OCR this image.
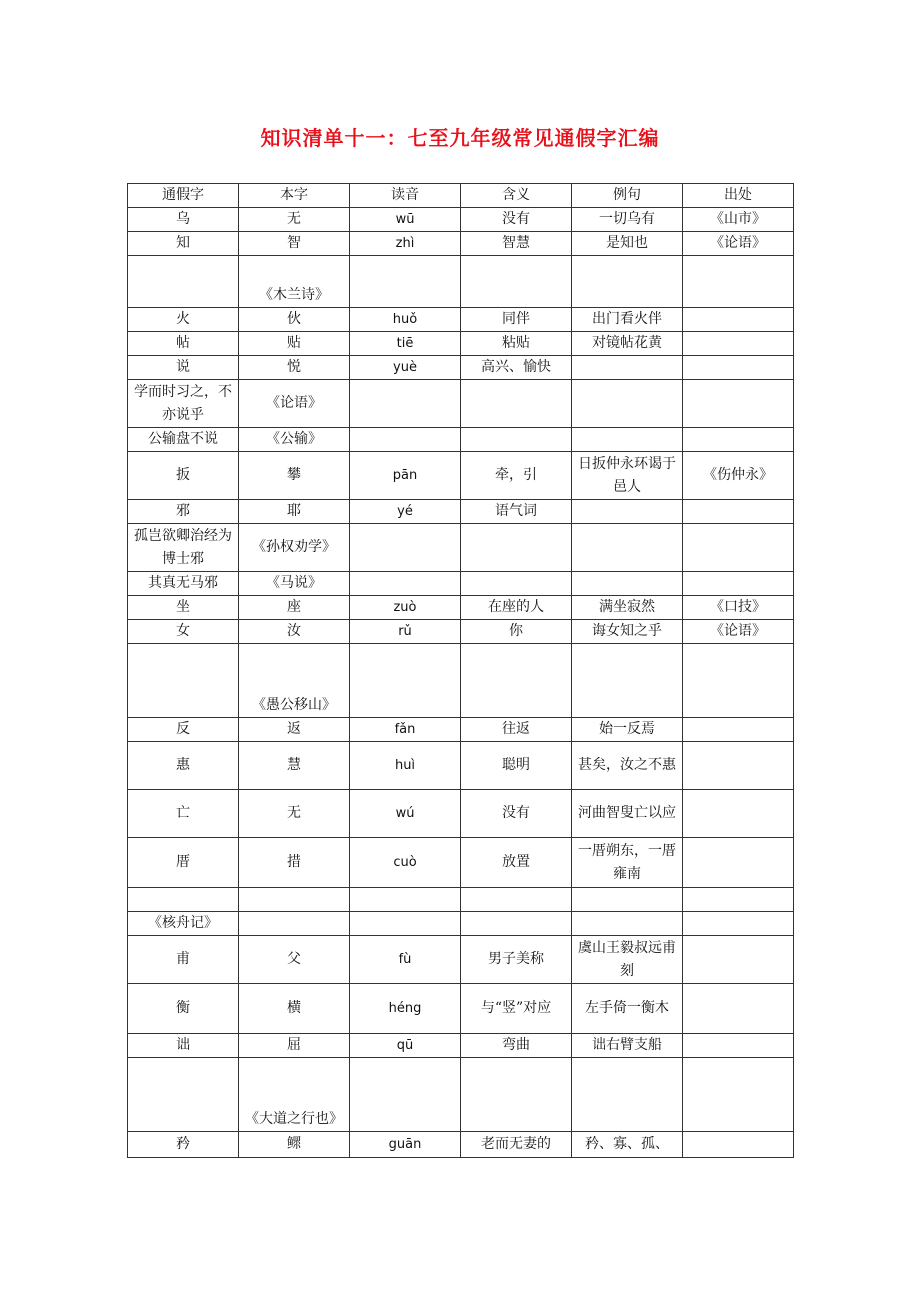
知识清单十一：七至九年级常见通假字汇编
通假字	本字	读音	含义	例句	出处
乌	无	wū	没有	一切乌有	《山市》
知	智	zhì	智慧	是知也	《论语》
	《木兰诗》				
火	伙	huǒ	同伴	出门看火伴	
帖	贴	tiē	粘贴	对镜帖花黄	
说	悦	yuè	高兴、愉快		
学而时习之，不亦说乎	《论语》				
公输盘不说	《公输》				
扳	攀	pān	牵，引	日扳仲永环谒于邑人	《伤仲永》
邪	耶	yé	语气词		
孤岂欲卿治经为博士邪	《孙权劝学》				
其真无马邪	《马说》				
坐	座	zuò	在座的人	满坐寂然	《口技》
女	汝	rǔ	你	诲女知之乎	《论语》
	《愚公移山》				
反	返	fǎn	往返	始一反焉	
惠	慧	huì	聪明	甚矣，汝之不惠	
亡	无	wú	没有	河曲智叟亡以应	
厝	措	cuò	放置	一厝朔东，一厝雍南	

《核舟记》					
甫	父	fù	男子美称	虞山王毅叔远甫刻	
衡	横	héng	与“竖”对应	左手倚一衡木	
诎	屈	qū	弯曲	诎右臂支船	
	《大道之行也》				
矜	鳏	guān	老而无妻的	矜、寡、孤、	
